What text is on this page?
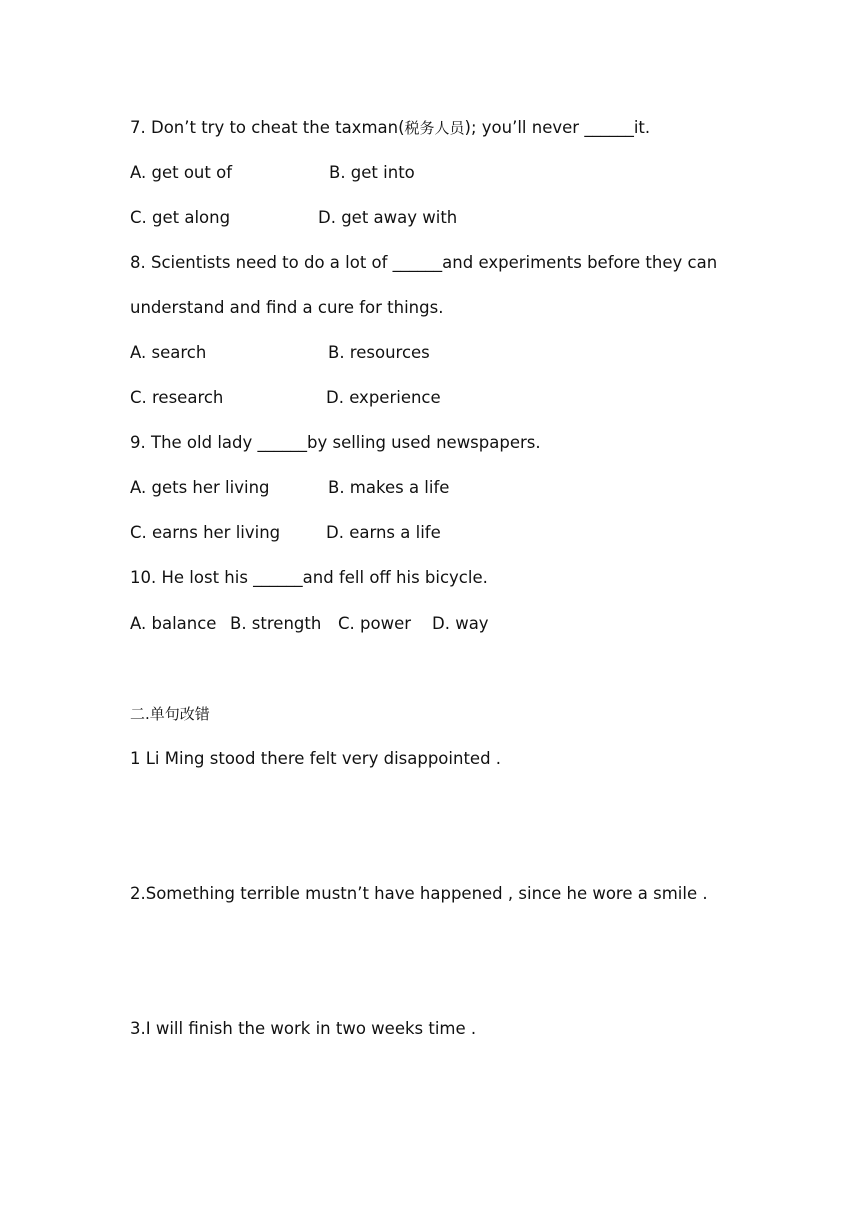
7. Don’t try to cheat the taxman(税务人员); you’ll never ______it.
A. get out of	B. get into
C. get along	D. get away with
8. Scientists need to do a lot of ______and experiments before they can
understand and find a cure for things.
A. search	B. resources
C. research	D. experience
9. The old lady ______by selling used newspapers.
A. gets her living	B. makes a life
C. earns her living	D. earns a life
10. He lost his ______and fell off his bicycle.
A. balance B. strength C. power D. way
二.单句改错
1 Li Ming stood there felt very disappointed .
2.Something terrible mustn’t have happened , since he wore a smile .
3.I will finish the work in two weeks time .
